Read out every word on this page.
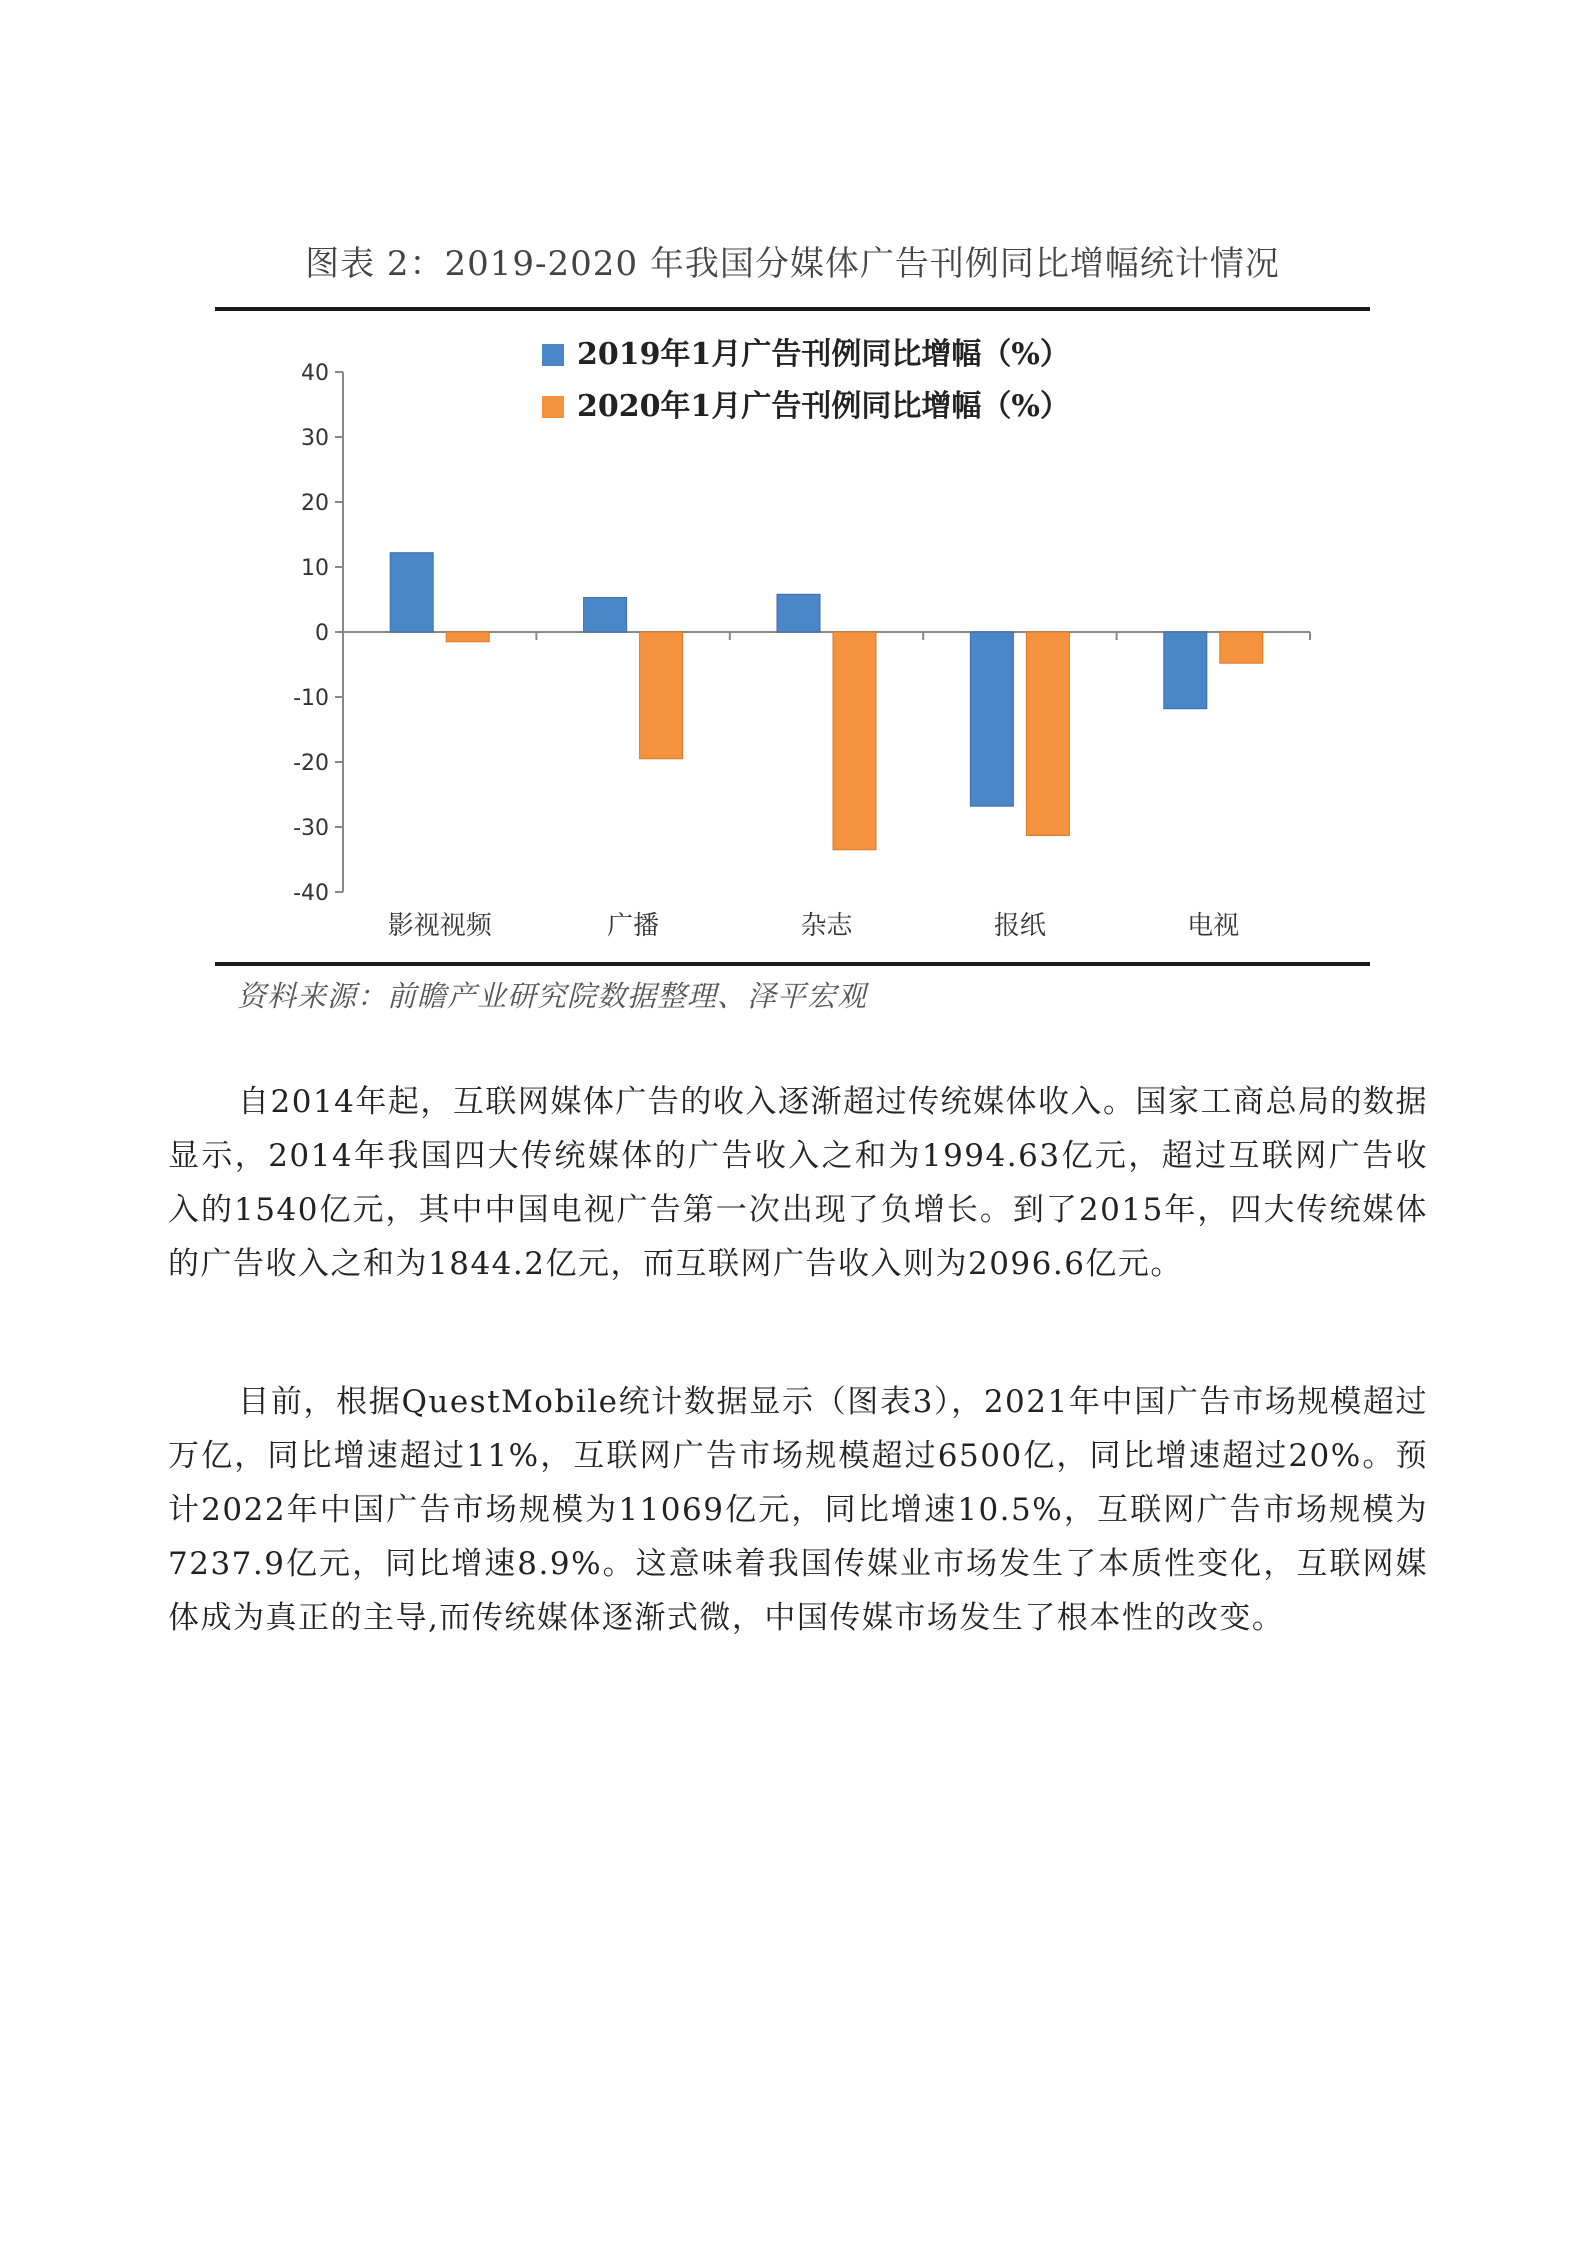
图表 2：2019-2020 年我国分媒体广告刊例同比增幅统计情况
40
30
20
10
0
-10
-20
-30
-40
影视视频	广播	杂志	报纸	电视
2019年1月广告刊例同比增幅（%）
2020年1月广告刊例同比增幅（%）
资料来源：前瞻产业研究院数据整理、泽平宏观

自2014年起，互联网媒体广告的收入逐渐超过传统媒体收入。国家工商总局的数据显示，2014年我国四大传统媒体的广告收入之和为1994.63亿元，超过互联网广告收入的1540亿元，其中中国电视广告第一次出现了负增长。到了2015年，四大传统媒体的广告收入之和为1844.2亿元，而互联网广告收入则为2096.6亿元。

目前，根据QuestMobile统计数据显示（图表3），2021年中国广告市场规模超过万亿，同比增速超过11%，互联网广告市场规模超过6500亿，同比增速超过20%。预计2022年中国广告市场规模为11069亿元，同比增速10.5%，互联网广告市场规模为7237.9亿元，同比增速8.9%。这意味着我国传媒业市场发生了本质性变化，互联网媒体成为真正的主导,而传统媒体逐渐式微，中国传媒市场发生了根本性的改变。
